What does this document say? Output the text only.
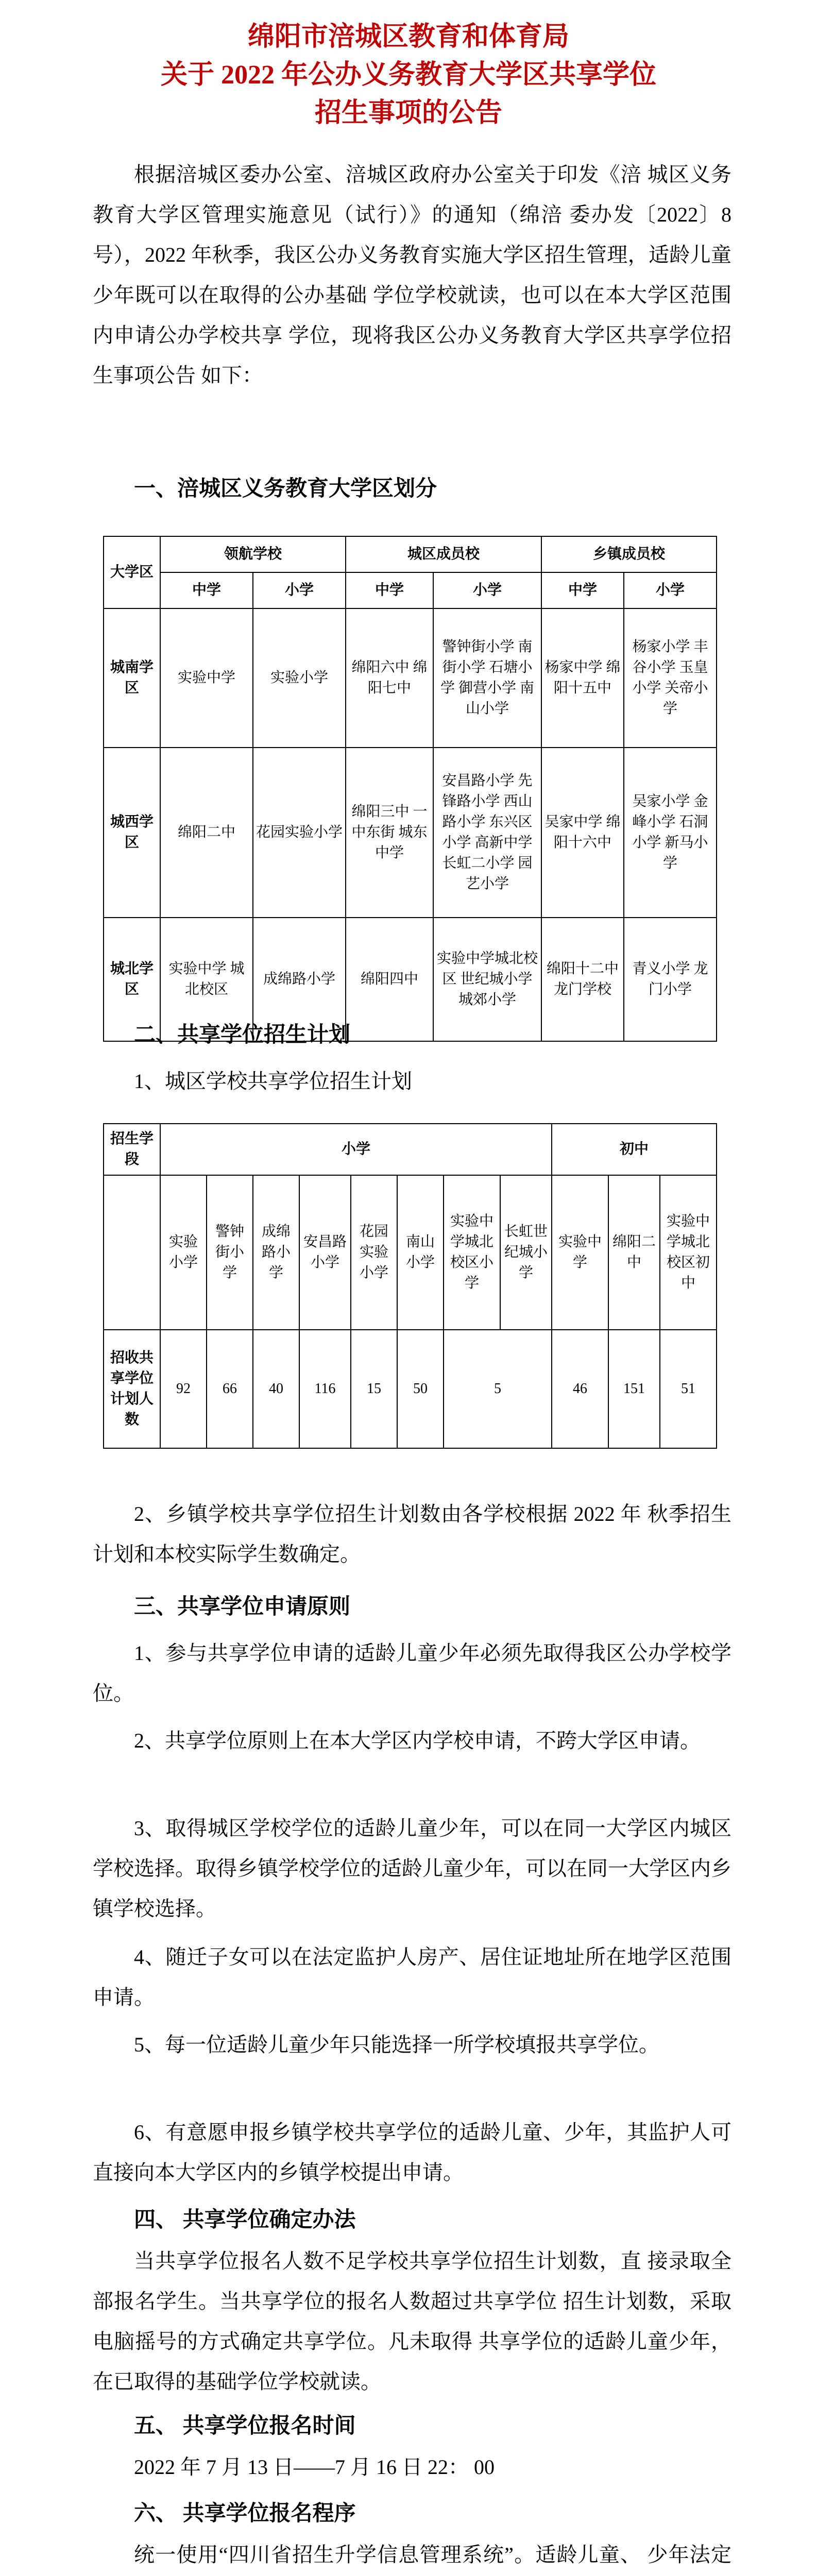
绵阳市涪城区教育和体育局
关于 2022 年公办义务教育大学区共享学位
招生事项的公告

根据涪城区委办公室、涪城区政府办公室关于印发《涪 城区义务教育大学区管理实施意见（试行）》的通知（绵涪 委办发〔2022〕8 号），2022 年秋季，我区公办义务教育实施大学区招生管理，适龄儿童少年既可以在取得的公办基础 学位学校就读，也可以在本大学区范围内申请公办学校共享 学位，现将我区公办义务教育大学区共享学位招生事项公告 如下：

一、涪城区义务教育大学区划分
大学区	领航学校		城区成员校		乡镇成员校	
	中学	小学	中学	小学	中学	小学
城南学区	实验中学	实验小学	绵阳六中 绵阳七中	警钟街小学 南街小学 石塘小学 御营小学 南山小学	杨家中学 绵阳十五中	杨家小学 丰谷小学 玉皇小学 关帝小学
城西学区	绵阳二中	花园实验小学	绵阳三中 一中东街 城东中学	安昌路小学 先锋路小学 西山路小学 东兴区小学 高新中学 长虹二小学 园艺小学	吴家中学 绵阳十六中	吴家小学 金峰小学 石洞小学 新马小学
城北学区	实验中学 城北校区	成绵路小学	绵阳四中	实验中学城北校区 世纪城小学 城郊小学	绵阳十二中 龙门学校	青义小学 龙门小学
二、共享学位招生计划
1、城区学校共享学位招生计划
招生学段	小学								初中		
	实验小学	警钟街小学	成绵路小学	安昌路小学	花园实验小学	南山小学	实验中学城北校区小学	长虹世纪城小学	实验中学	绵阳二中	实验中学城北校区初中
招收共享学位计划人数	92	66	40	116	15	50	5		46	151	51

2、乡镇学校共享学位招生计划数由各学校根据 2022 年 秋季招生计划和本校实际学生数确定。

三、共享学位申请原则

1、参与共享学位申请的适龄儿童少年必须先取得我区公办学校学位。

2、共享学位原则上在本大学区内学校申请，不跨大学区申请。

3、取得城区学校学位的适龄儿童少年，可以在同一大学区内城区学校选择。取得乡镇学校学位的适龄儿童少年，可以在同一大学区内乡镇学校选择。

4、随迁子女可以在法定监护人房产、居住证地址所在地学区范围申请。

5、每一位适龄儿童少年只能选择一所学校填报共享学位。

6、有意愿申报乡镇学校共享学位的适龄儿童、少年，其监护人可直接向本大学区内的乡镇学校提出申请。

四、 共享学位确定办法

当共享学位报名人数不足学校共享学位招生计划数，直 接录取全部报名学生。当共享学位的报名人数超过共享学位 招生计划数，采取电脑摇号的方式确定共享学位。凡未取得 共享学位的适龄儿童少年，在已取得的基础学位学校就读。

五、 共享学位报名时间

2022 年 7 月 13 日——7 月 16 日 22： 00

六、 共享学位报名程序

统一使用“四川省招生升学信息管理系统”。适龄儿童、 少年法定
